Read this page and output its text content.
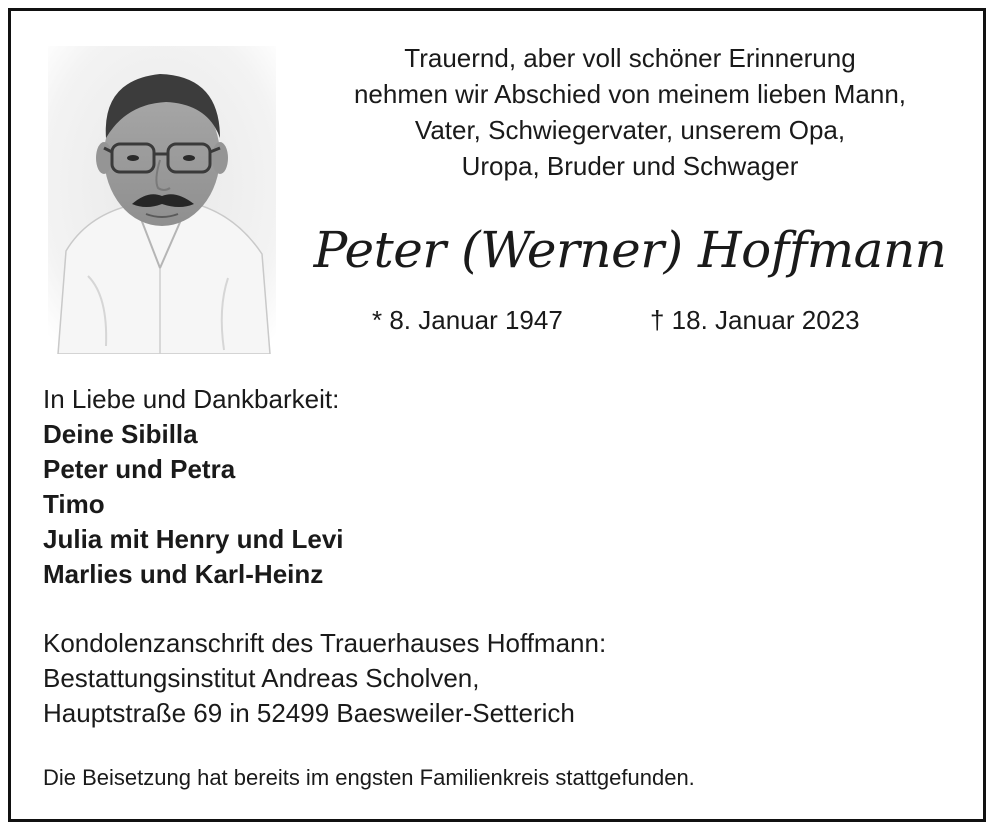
Trauernd, aber voll schöner Erinnerung
nehmen wir Abschied von meinem lieben Mann,
Vater, Schwiegervater, unserem Opa,
Uropa, Bruder und Schwager
Peter (Werner) Hoffmann
* 8. Januar 1947	† 18. Januar 2023
In Liebe und Dankbarkeit:
Deine Sibilla
Peter und Petra
Timo
Julia mit Henry und Levi
Marlies und Karl-Heinz
Kondolenzanschrift des Trauerhauses Hoffmann:
Bestattungsinstitut Andreas Scholven,
Hauptstraße 69 in 52499 Baesweiler-Setterich
Die Beisetzung hat bereits im engsten Familienkreis stattgefunden.
